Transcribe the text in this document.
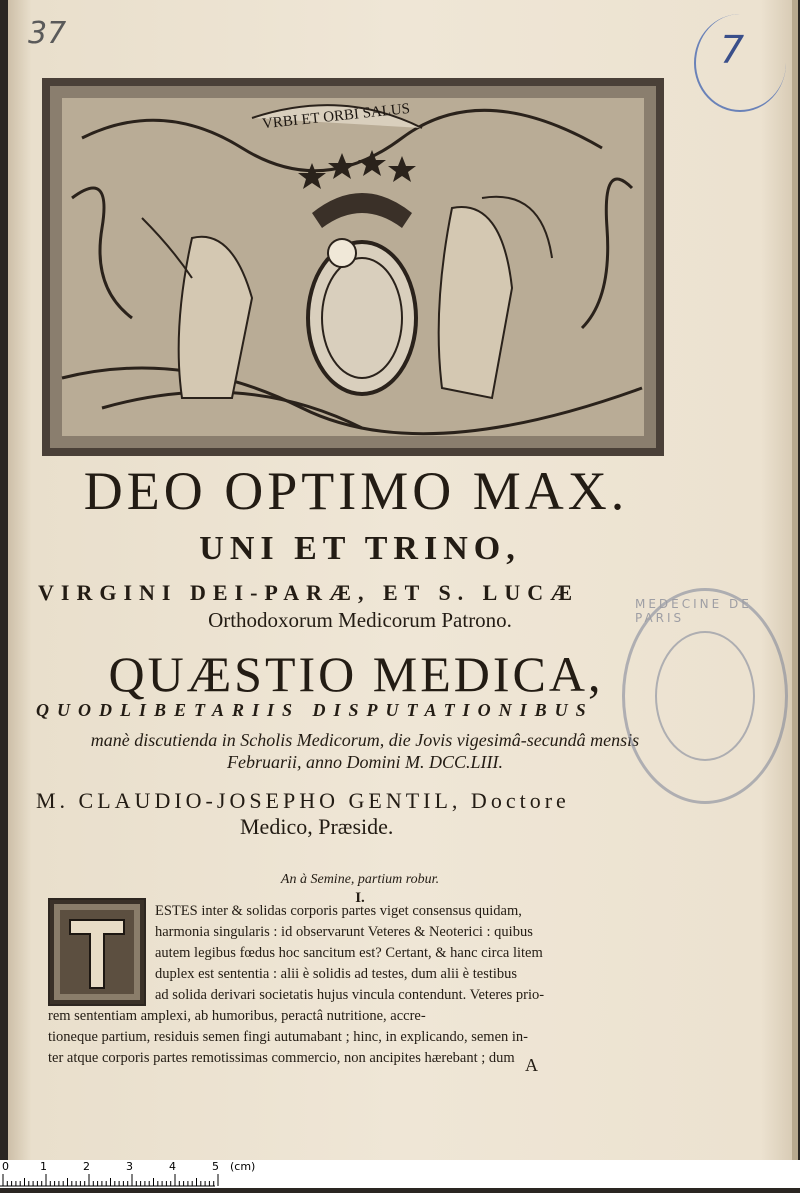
37	7
VRBI ET ORBI SALUS
DEO OPTIMO MAX.
UNI ET TRINO,
VIRGINI DEI-PARÆ, ET S. LUCÆ
Orthodoxorum Medicorum Patrono.
QUÆSTIO MEDICA,
QUODLIBETARIIS DISPUTATIONIBUS
manè discutienda in Scholis Medicorum, die Jovis vigesimâ-secundâ mensis
Februarii, anno Domini M. DCC.LIII.
M. CLAUDIO-JOSEPHO GENTIL, Doctore
Medico, Præside.
An à Semine, partium robur.
I.
ESTES inter & solidas corporis partes viget consensus quidam,
harmonia singularis : id observarunt Veteres & Neoterici : quibus
autem legibus fœdus hoc sancitum est? Certant, & hanc circa litem
duplex est sententia : alii è solidis ad testes, dum alii è testibus
ad solida derivari societatis hujus vincula contendunt. Veteres prio-
rem sententiam amplexi, ab humoribus, peractâ nutritione, accre-
tioneque partium, residuis semen fingi autumabant ; hinc, in explicando, semen in-
ter atque corporis partes remotissimas commercio, non ancipites hærebant ; dum A
MEDECINE DE PARIS
0	1	2	3	4	5 (cm)
